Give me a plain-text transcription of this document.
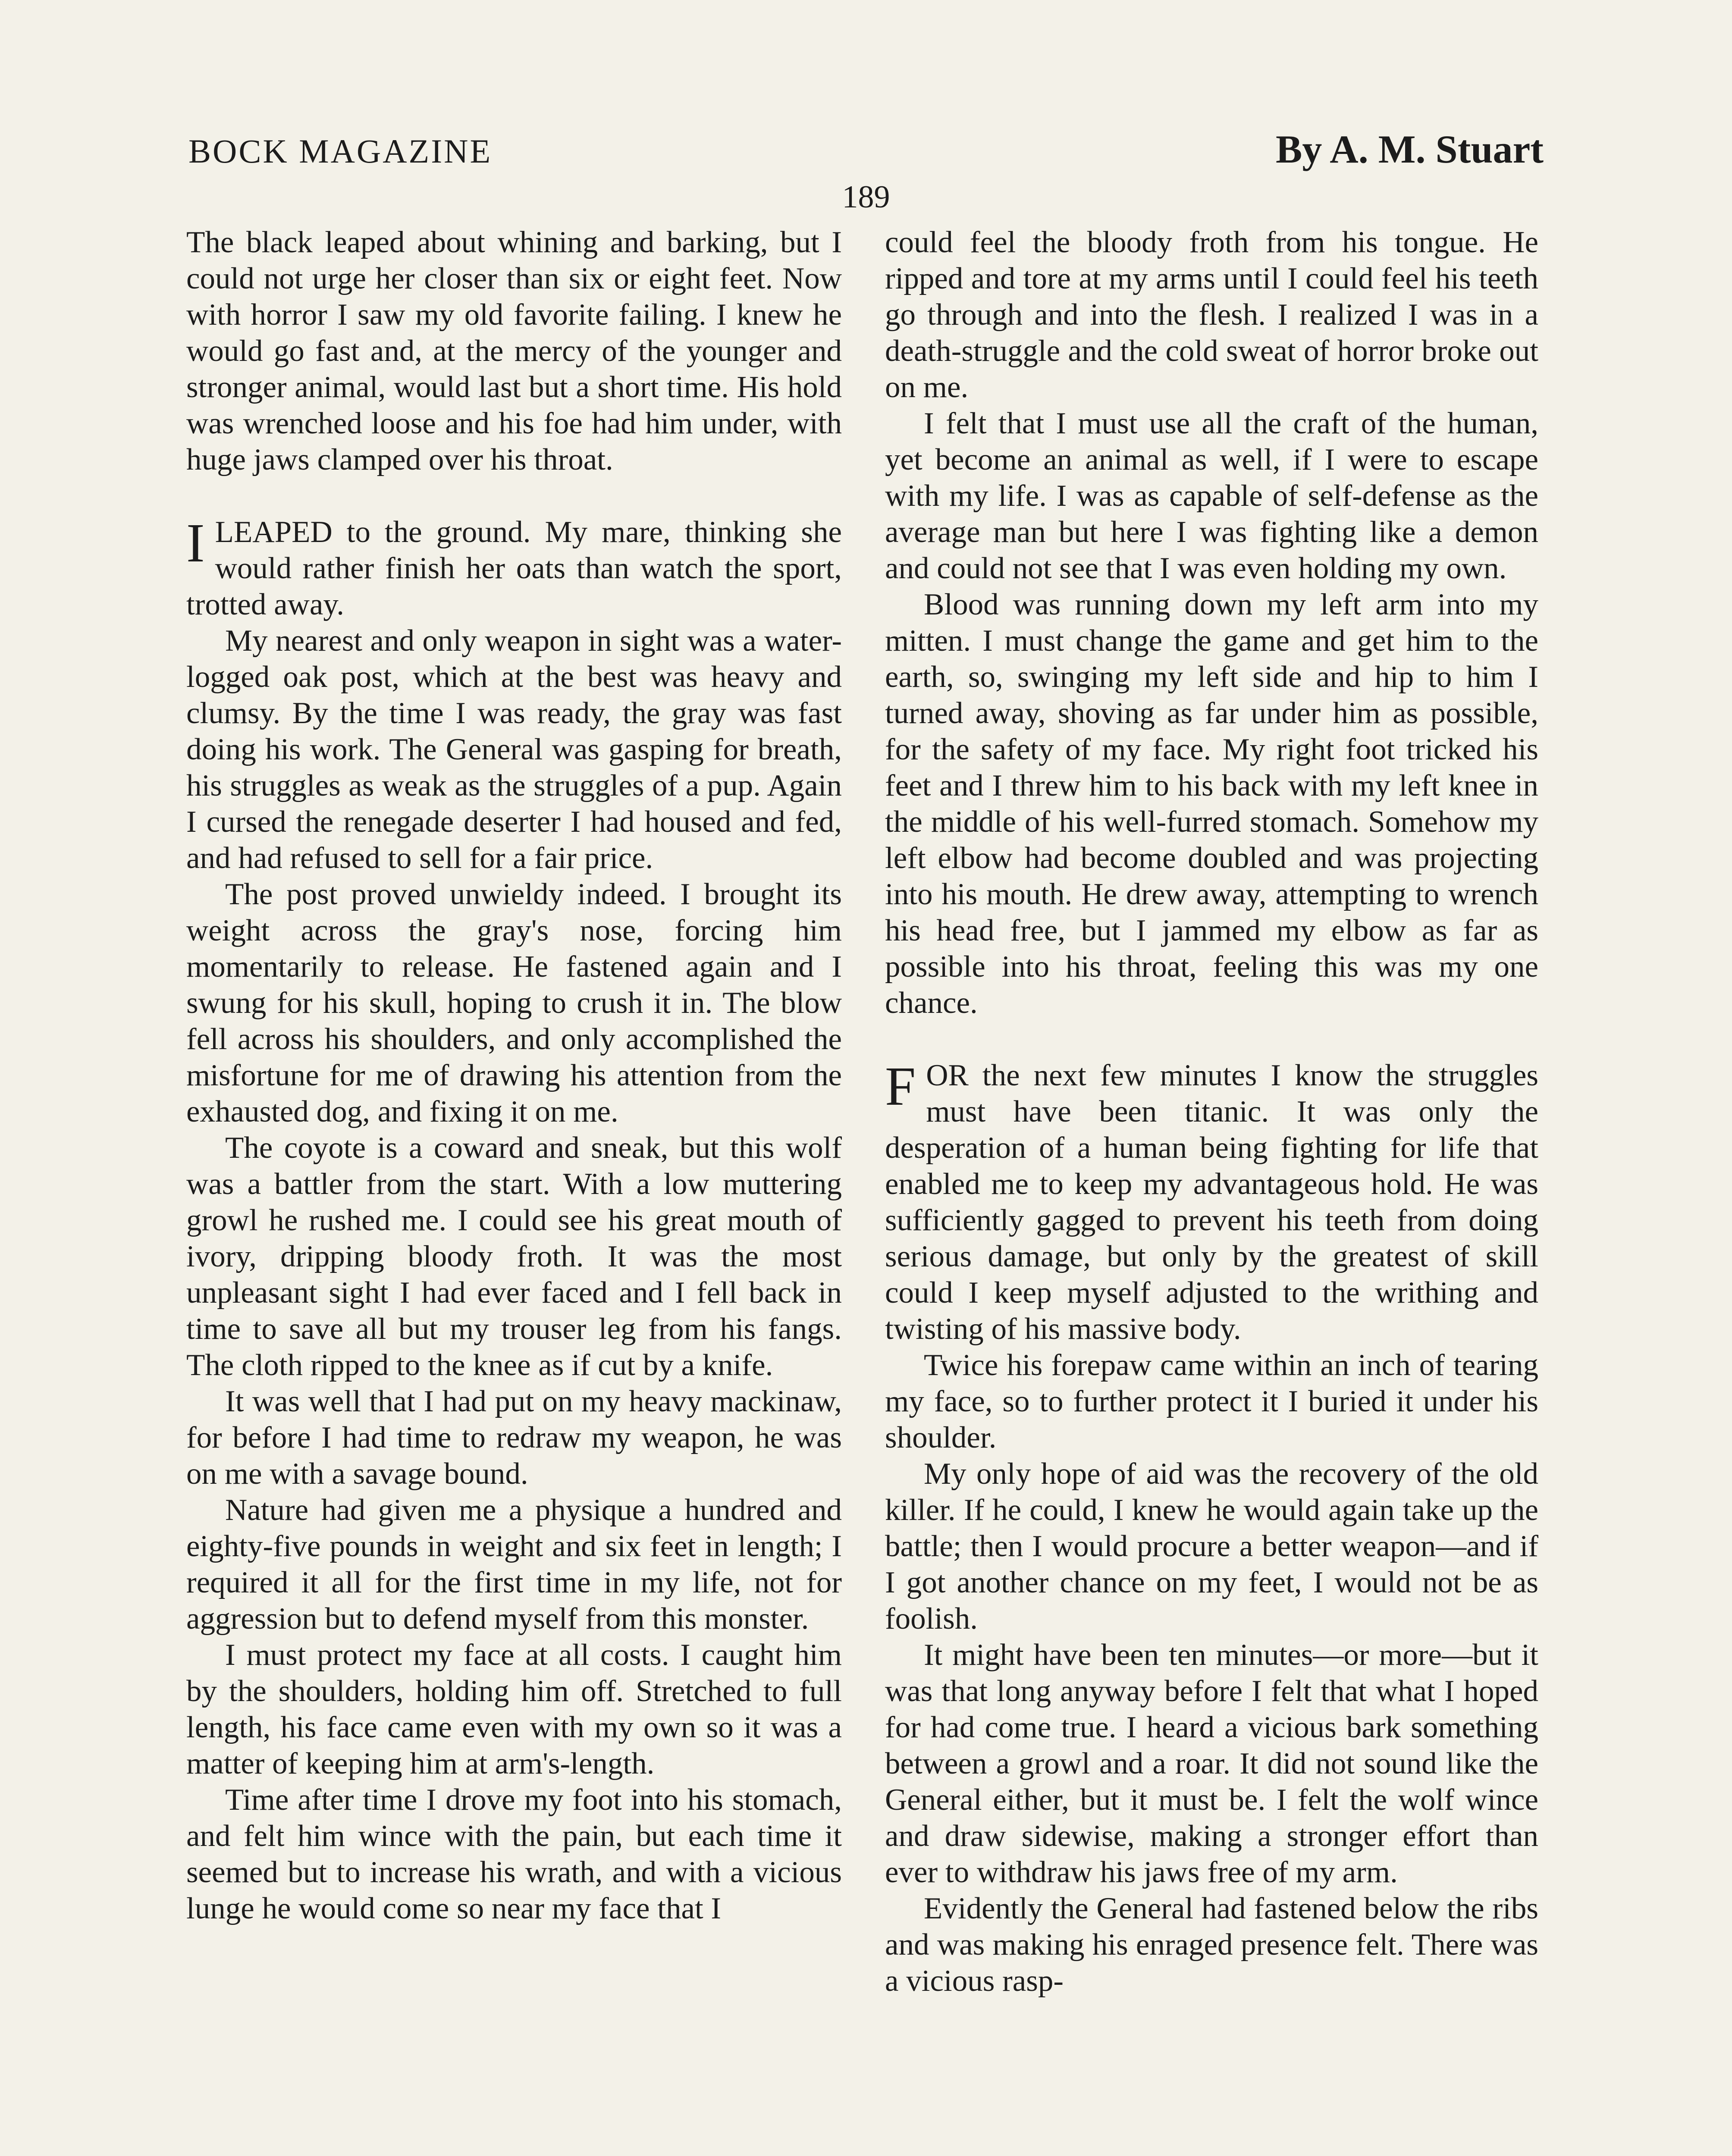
BOCK MAGAZINE	By A. M. Stuart
189

The black leaped about whining and barking, but I could not urge her closer than six or eight feet. Now with horror I saw my old favorite failing. I knew he would go fast and, at the mercy of the younger and stronger animal, would last but a short time. His hold was wrenched loose and his foe had him under, with huge jaws clamped over his throat.

ILEAPED to the ground. My mare, thinking she would rather finish her oats than watch the sport, trotted away.

My nearest and only weapon in sight was a water-logged oak post, which at the best was heavy and clumsy. By the time I was ready, the gray was fast doing his work. The General was gasping for breath, his struggles as weak as the struggles of a pup. Again I cursed the renegade deserter I had housed and fed, and had refused to sell for a fair price.

The post proved unwieldy indeed. I brought its weight across the gray's nose, forcing him momentarily to release. He fastened again and I swung for his skull, hoping to crush it in. The blow fell across his shoulders, and only accomplished the misfortune for me of drawing his attention from the exhausted dog, and fixing it on me.

The coyote is a coward and sneak, but this wolf was a battler from the start. With a low muttering growl he rushed me. I could see his great mouth of ivory, dripping bloody froth. It was the most unpleasant sight I had ever faced and I fell back in time to save all but my trouser leg from his fangs. The cloth ripped to the knee as if cut by a knife.

It was well that I had put on my heavy mackinaw, for before I had time to redraw my weapon, he was on me with a savage bound.

Nature had given me a physique a hundred and eighty-five pounds in weight and six feet in length; I required it all for the first time in my life, not for aggression but to defend myself from this monster.

I must protect my face at all costs. I caught him by the shoulders, holding him off. Stretched to full length, his face came even with my own so it was a matter of keeping him at arm's-length.

Time after time I drove my foot into his stomach, and felt him wince with the pain, but each time it seemed but to increase his wrath, and with a vicious lunge he would come so near my face that I

could feel the bloody froth from his tongue. He ripped and tore at my arms until I could feel his teeth go through and into the flesh. I realized I was in a death-struggle and the cold sweat of horror broke out on me.

I felt that I must use all the craft of the human, yet become an animal as well, if I were to escape with my life. I was as capable of self-defense as the average man but here I was fighting like a demon and could not see that I was even holding my own.

Blood was running down my left arm into my mitten. I must change the game and get him to the earth, so, swinging my left side and hip to him I turned away, shoving as far under him as possible, for the safety of my face. My right foot tricked his feet and I threw him to his back with my left knee in the middle of his well-furred stomach. Somehow my left elbow had become doubled and was projecting into his mouth. He drew away, attempting to wrench his head free, but I jammed my elbow as far as possible into his throat, feeling this was my one chance.

FOR the next few minutes I know the struggles must have been titanic. It was only the desperation of a human being fighting for life that enabled me to keep my advantageous hold. He was sufficiently gagged to prevent his teeth from doing serious damage, but only by the greatest of skill could I keep myself adjusted to the writhing and twisting of his massive body.

Twice his forepaw came within an inch of tearing my face, so to further protect it I buried it under his shoulder.

My only hope of aid was the recovery of the old killer. If he could, I knew he would again take up the battle; then I would procure a better weapon—and if I got another chance on my feet, I would not be as foolish.

It might have been ten minutes—or more—but it was that long anyway before I felt that what I hoped for had come true. I heard a vicious bark something between a growl and a roar. It did not sound like the General either, but it must be. I felt the wolf wince and draw sidewise, making a stronger effort than ever to withdraw his jaws free of my arm.

Evidently the General had fastened below the ribs and was making his enraged presence felt. There was a vicious rasp-
